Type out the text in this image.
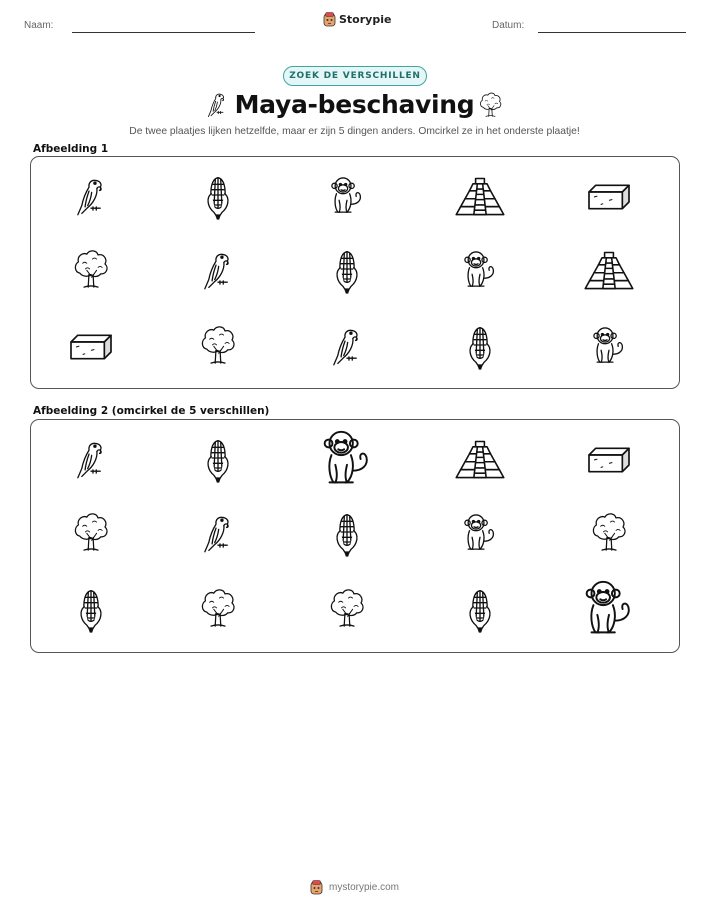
Naam:	Storypie	Datum:
ZOEK DE VERSCHILLEN
Maya-beschaving
De twee plaatjes lijken hetzelfde, maar er zijn 5 dingen anders. Omcirkel ze in het onderste plaatje!
Afbeelding 1
Afbeelding 2 (omcirkel de 5 verschillen)
mystorypie.com
